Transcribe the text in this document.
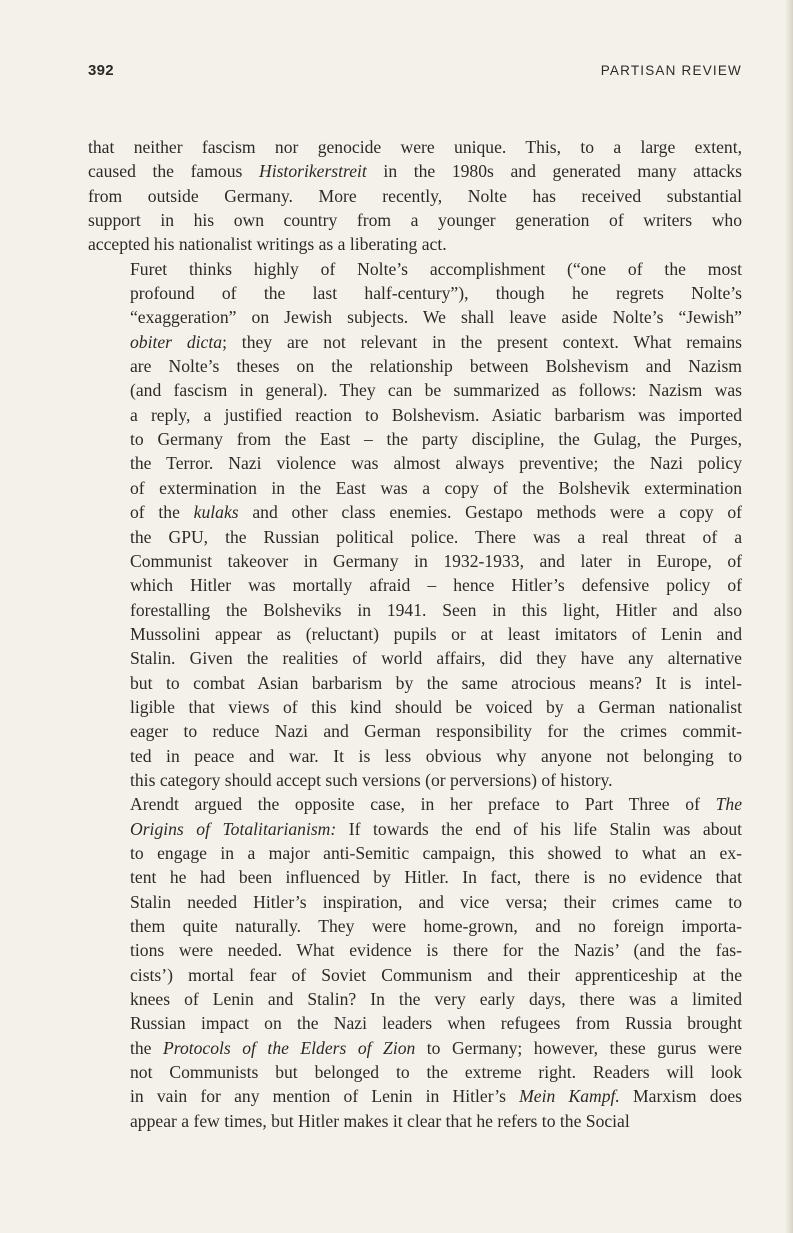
392	PARTISAN REVIEW

that neither fascism nor genocide were unique. This, to a large extent,
caused the famous Historikerstreit in the 1980s and generated many attacks
from outside Germany. More recently, Nolte has received substantial
support in his own country from a younger generation of writers who
accepted his nationalist writings as a liberating act.

Furet thinks highly of Nolte’s accomplishment (“one of the most
profound of the last half-century”), though he regrets Nolte’s
“exaggeration” on Jewish subjects. We shall leave aside Nolte’s “Jewish”
obiter dicta; they are not relevant in the present context. What remains
are Nolte’s theses on the relationship between Bolshevism and Nazism
(and fascism in general). They can be summarized as follows: Nazism was
a reply, a justified reaction to Bolshevism. Asiatic barbarism was imported
to Germany from the East – the party discipline, the Gulag, the Purges,
the Terror. Nazi violence was almost always preventive; the Nazi policy
of extermination in the East was a copy of the Bolshevik extermination
of the kulaks and other class enemies. Gestapo methods were a copy of
the GPU, the Russian political police. There was a real threat of a
Communist takeover in Germany in 1932-1933, and later in Europe, of
which Hitler was mortally afraid – hence Hitler’s defensive policy of
forestalling the Bolsheviks in 1941. Seen in this light, Hitler and also
Mussolini appear as (reluctant) pupils or at least imitators of Lenin and
Stalin. Given the realities of world affairs, did they have any alternative
but to combat Asian barbarism by the same atrocious means? It is intel-
ligible that views of this kind should be voiced by a German nationalist
eager to reduce Nazi and German responsibility for the crimes commit-
ted in peace and war. It is less obvious why anyone not belonging to
this category should accept such versions (or perversions) of history.

Arendt argued the opposite case, in her preface to Part Three of The
Origins of Totalitarianism: If towards the end of his life Stalin was about
to engage in a major anti-Semitic campaign, this showed to what an ex-
tent he had been influenced by Hitler. In fact, there is no evidence that
Stalin needed Hitler’s inspiration, and vice versa; their crimes came to
them quite naturally. They were home-grown, and no foreign importa-
tions were needed. What evidence is there for the Nazis’ (and the fas-
cists’) mortal fear of Soviet Communism and their apprenticeship at the
knees of Lenin and Stalin? In the very early days, there was a limited
Russian impact on the Nazi leaders when refugees from Russia brought
the Protocols of the Elders of Zion to Germany; however, these gurus were
not Communists but belonged to the extreme right. Readers will look
in vain for any mention of Lenin in Hitler’s Mein Kampf. Marxism does
appear a few times, but Hitler makes it clear that he refers to the Social
